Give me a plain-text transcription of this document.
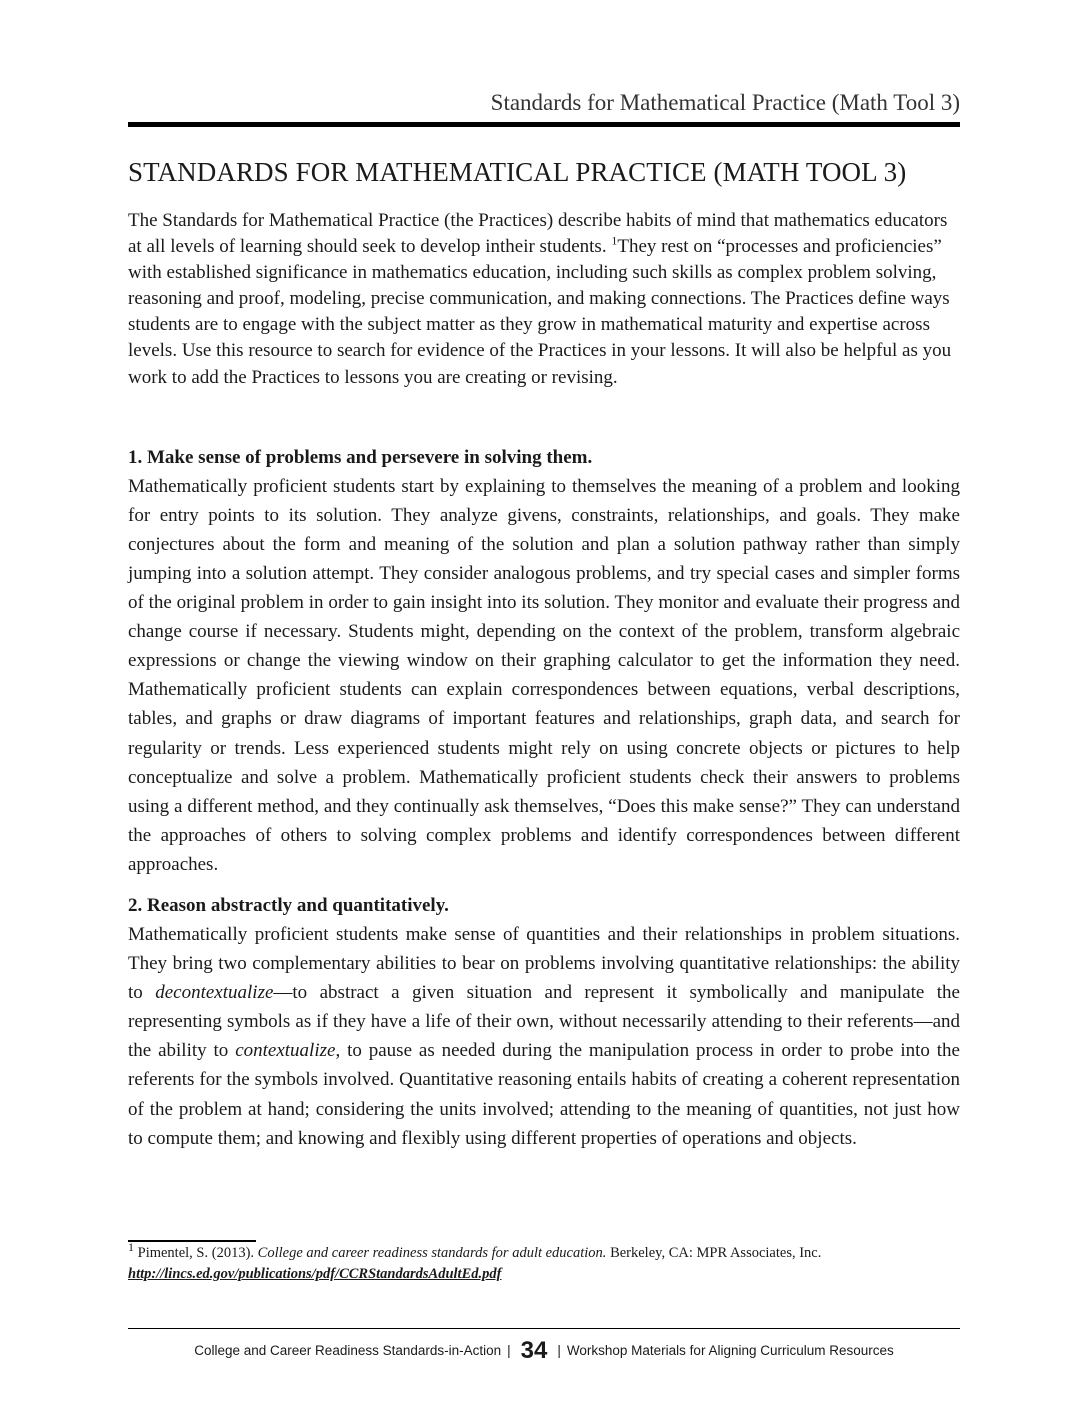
Standards for Mathematical Practice (Math Tool 3)
STANDARDS FOR MATHEMATICAL PRACTICE (MATH TOOL 3)

The Standards for Mathematical Practice (the Practices) describe habits of mind that mathematics educators at all levels of learning should seek to develop intheir students. $^1$They rest on “processes and proficiencies” with established significance in mathematics education, including such skills as complex problem solving, reasoning and proof, modeling, precise communication, and making connections. The Practices define ways students are to engage with the subject matter as they grow in mathematical maturity and expertise across levels. Use this resource to search for evidence of the Practices in your lessons. It will also be helpful as you work to add the Practices to lessons you are creating or revising.

1. Make sense of problems and persevere in solving them.

Mathematically proficient students start by explaining to themselves the meaning of a problem and looking for entry points to its solution. They analyze givens, constraints, relationships, and goals. They make conjectures about the form and meaning of the solution and plan a solution pathway rather than simply jumping into a solution attempt. They consider analogous problems, and try special cases and simpler forms of the original problem in order to gain insight into its solution. They monitor and evaluate their progress and change course if necessary. Students might, depending on the context of the problem, transform algebraic expressions or change the viewing window on their graphing calculator to get the information they need. Mathematically proficient students can explain correspondences between equations, verbal descriptions, tables, and graphs or draw diagrams of important features and relationships, graph data, and search for regularity or trends. Less experienced students might rely on using concrete objects or pictures to help conceptualize and solve a problem. Mathematically proficient students check their answers to problems using a different method, and they continually ask themselves, “Does this make sense?” They can understand the approaches of others to solving complex problems and identify correspondences between different approaches.

2. Reason abstractly and quantitatively.

Mathematically proficient students make sense of quantities and their relationships in problem situations. They bring two complementary abilities to bear on problems involving quantitative relationships: the ability to decontextualize—to abstract a given situation and represent it symbolically and manipulate the representing symbols as if they have a life of their own, without necessarily attending to their referents—and the ability to contextualize, to pause as needed during the manipulation process in order to probe into the referents for the symbols involved. Quantitative reasoning entails habits of creating a coherent representation of the problem at hand; considering the units involved; attending to the meaning of quantities, not just how to compute them; and knowing and flexibly using different properties of operations and objects.

$^1$ Pimentel, S. (2013). College and career readiness standards for adult education. Berkeley, CA: MPR Associates, Inc. http://lincs.ed.gov/publications/pdf/CCRStandardsAdultEd.pdf
College and Career Readiness Standards-in-Action | 34 | Workshop Materials for Aligning Curriculum Resources
